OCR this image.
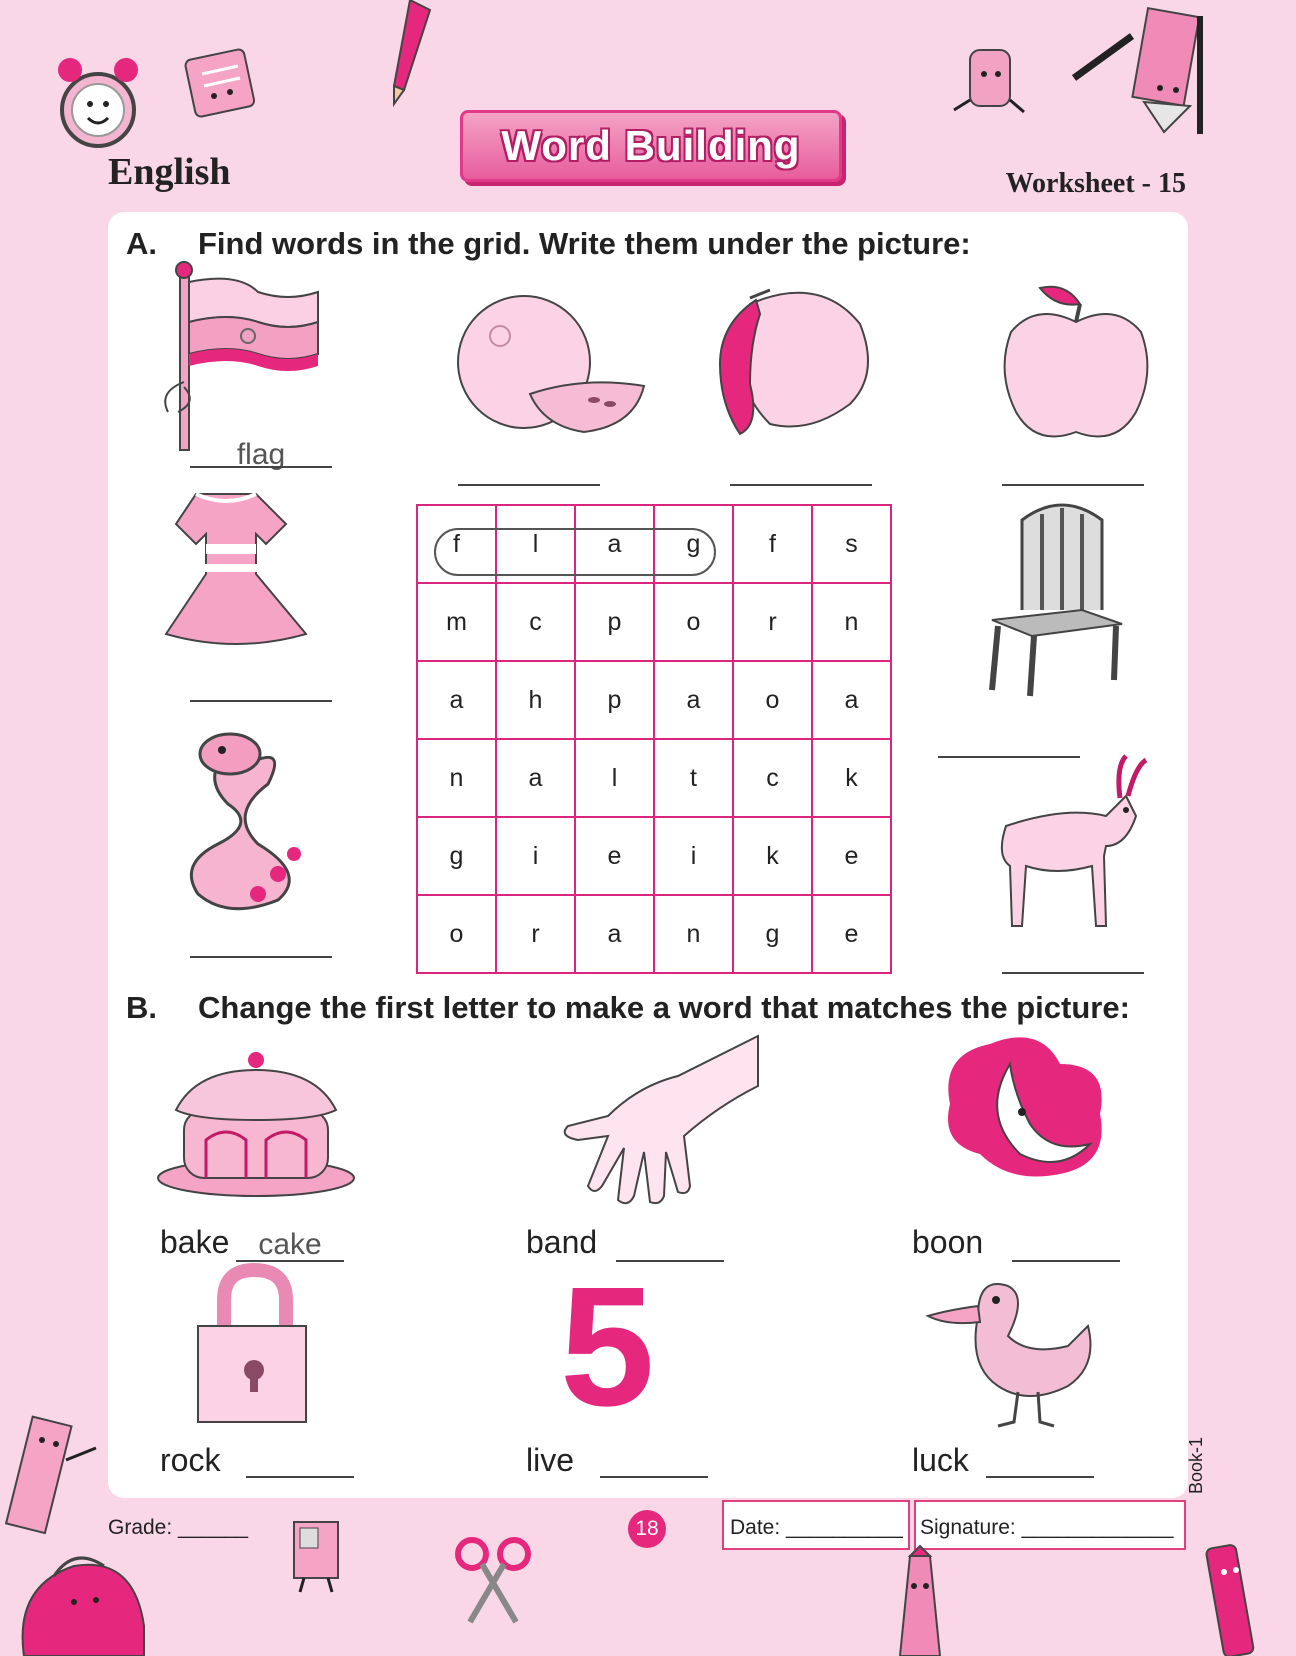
English
Word Building
Worksheet - 15
A. Find words in the grid. Write them under the picture:
flag
f	l	a	g	f	s
m	c	p	o	r	n
a	h	p	a	o	a
n	a	l	t	c	k
g	i	e	i	k	e
o	r	a	n	g	e
B. Change the first letter to make a word that matches the picture:
bake cake	band	boon
rock
5
live	luck	Book-1
Grade: ______	18	Date: __________ Signature: _____________
